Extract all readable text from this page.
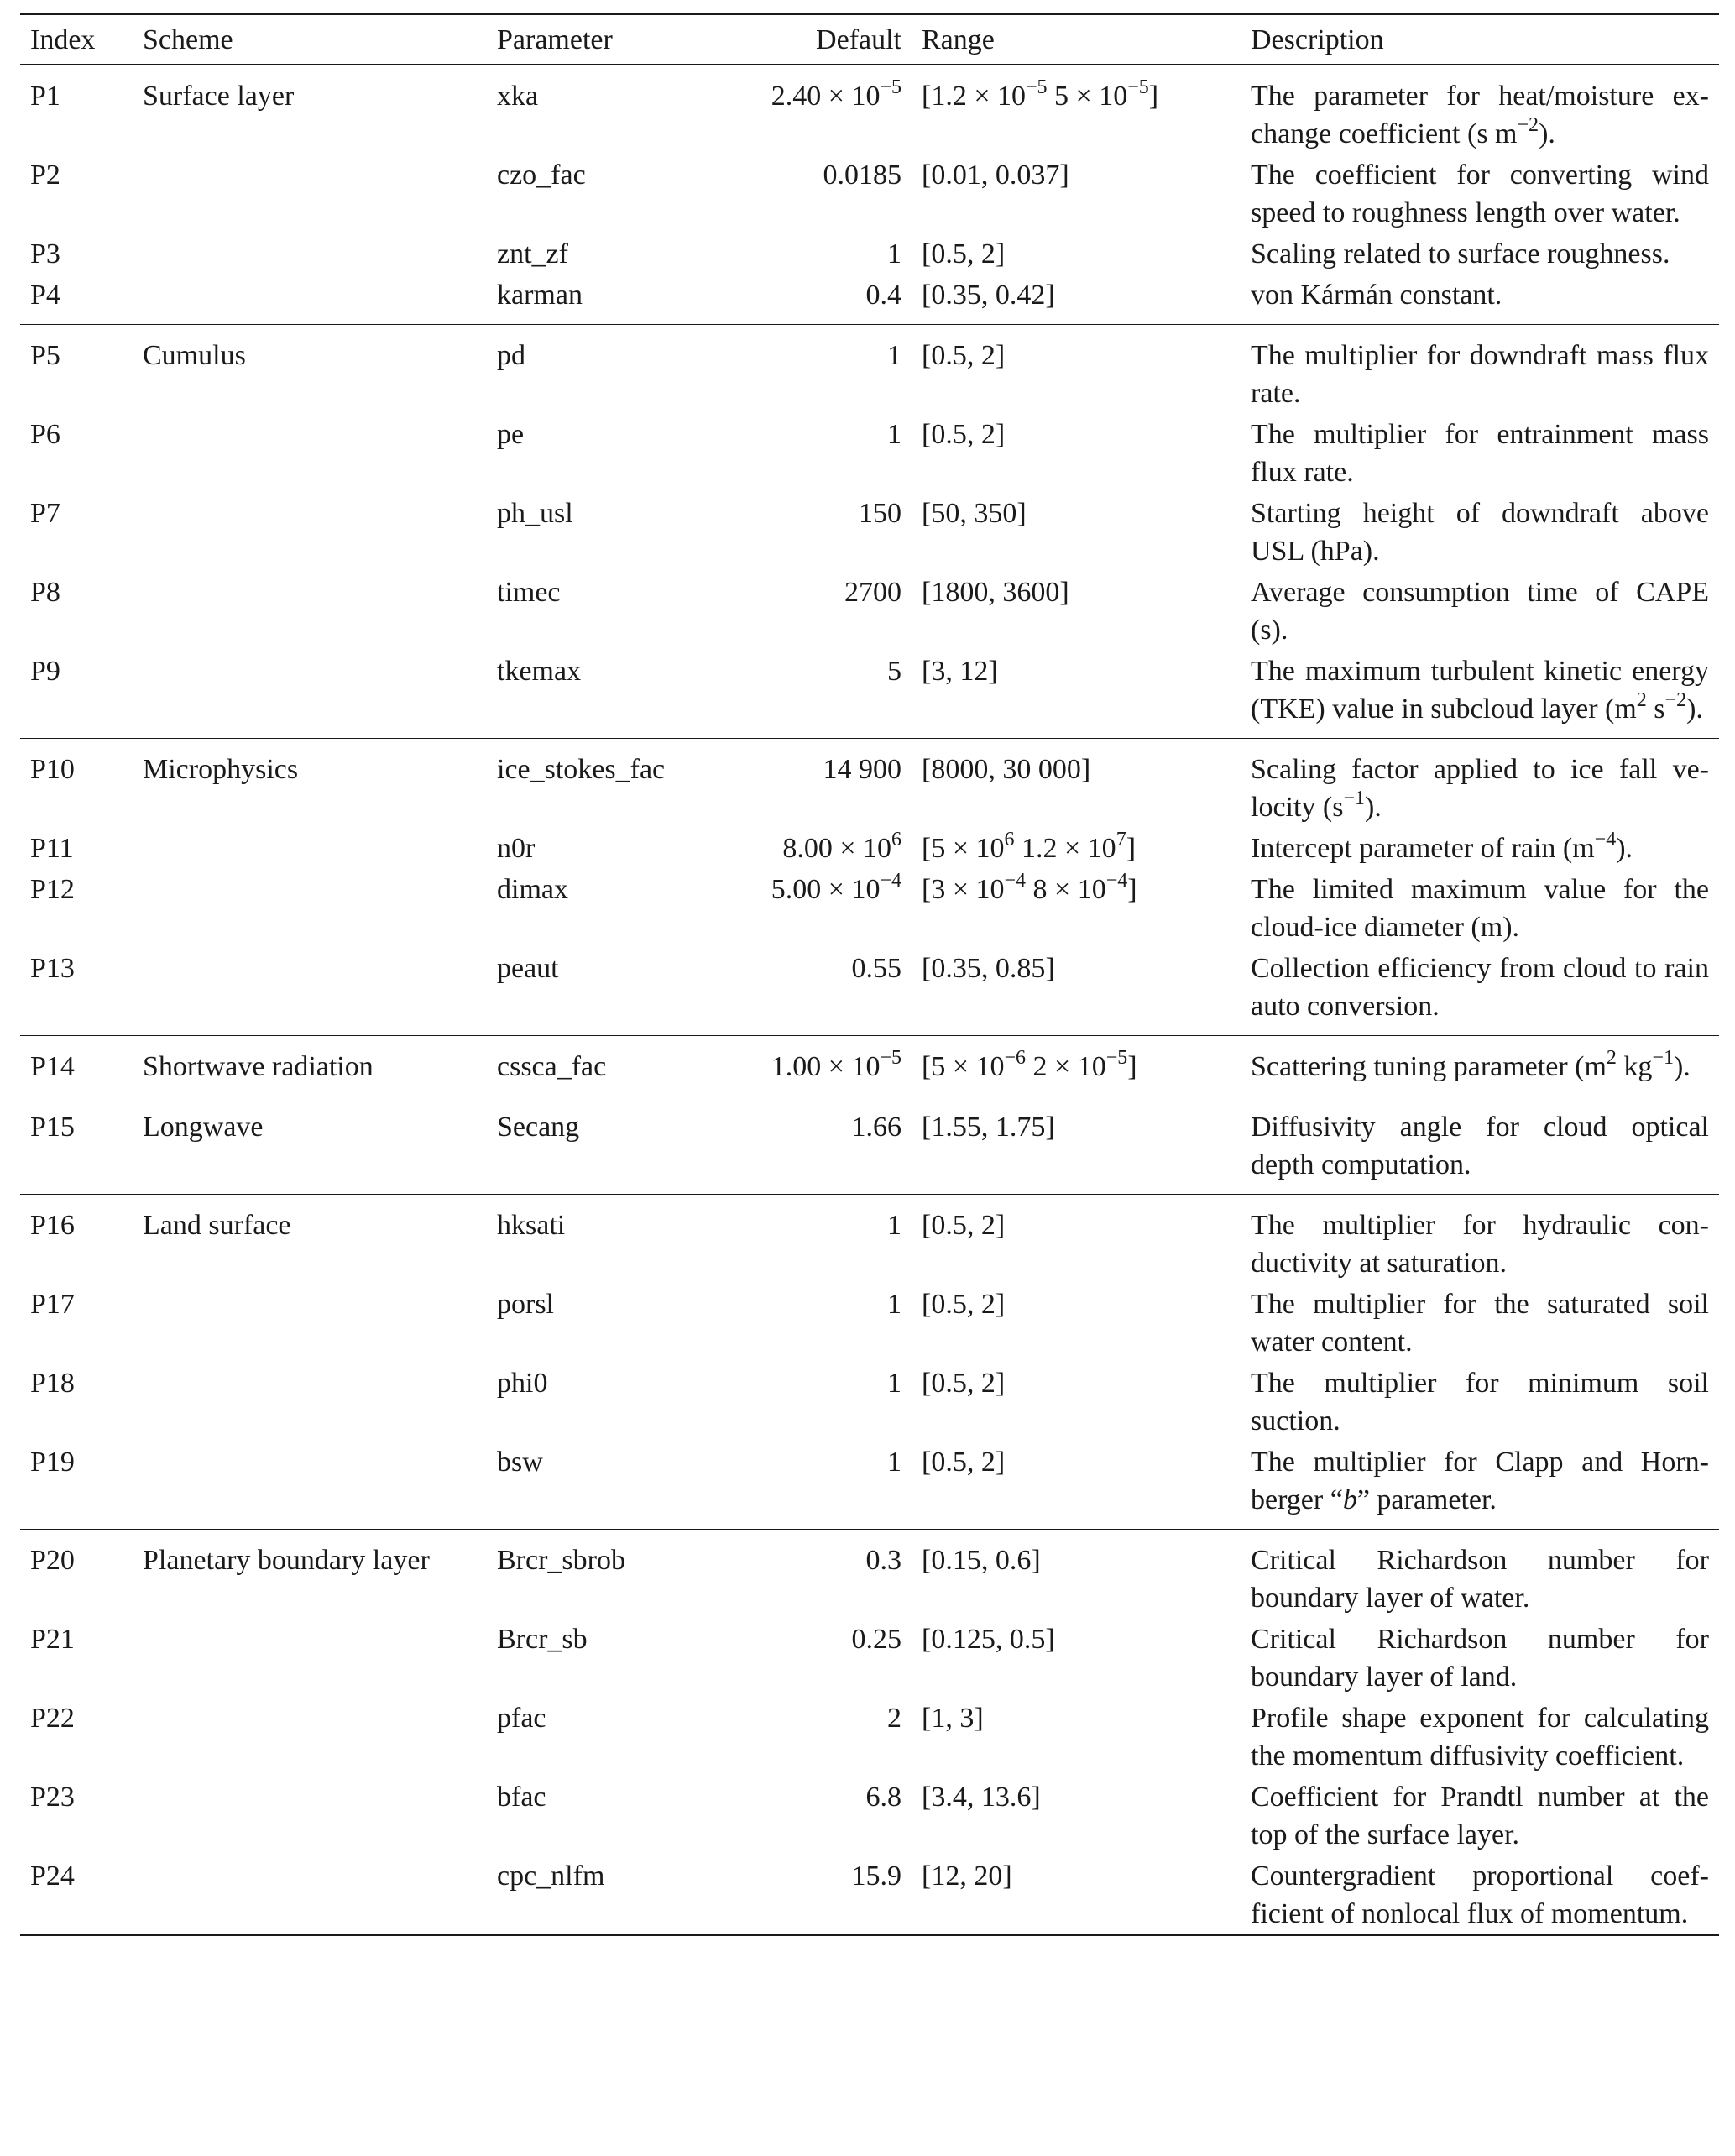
Index	Scheme	Parameter	Default	Range	Description
P1	Surface layer	xka	$2.40 \times 10^{-5}$	[$1.2 \times 10^{-5}$ $5 \times 10^{-5}$]	The parameter for heat/moisture exchange coefficient (s $m^{-2}$).
P2		czo_fac	0.0185	[0.01, 0.037]	The coefficient for converting wind speed to roughness length over water.
P3		znt_zf	1	[0.5, 2]	Scaling related to surface roughness.
P4		karman	0.4	[0.35, 0.42]	von Kármán constant.
P5	Cumulus	pd	1	[0.5, 2]	The multiplier for downdraft mass flux rate.
P6		pe	1	[0.5, 2]	The multiplier for entrainment mass flux rate.
P7		ph_usl	150	[50, 350]	Starting height of downdraft above USL (hPa).
P8		timec	2700	[1800, 3600]	Average consumption time of CAPE (s).
P9		tkemax	5	[3, 12]	The maximum turbulent kinetic energy (TKE) value in subcloud layer ($m^2$ $s^{-2}$).
P10	Microphysics	ice_stokes_fac	14 900	[8000, 30 000]	Scaling factor applied to ice fall velocity $(s^{-1})$.
P11		n0r	$8.00 \times 10^6$	[$5 \times 10^6$ $1.2 \times 10^7$]	Intercept parameter of rain $(m^{-4})$.
P12		dimax	$5.00 \times 10^{-4}$	[$3 \times 10^{-4}$ $8 \times 10^{-4}$]	The limited maximum value for the cloud-ice diameter (m).
P13		peaut	0.55	[0.35, 0.85]	Collection efficiency from cloud to rain auto conversion.
P14	Shortwave radiation	cssca_fac	$1.00 \times 10^{-5}$	[$5 \times 10^{-6}$ $2 \times 10^{-5}$]	Scattering tuning parameter ($m^2$ $kg^{-1}$).
P15	Longwave	Secang	1.66	[1.55, 1.75]	Diffusivity angle for cloud optical depth computation.
P16	Land surface	hksati	1	[0.5, 2]	The multiplier for hydraulic conductivity at saturation.
P17		porsl	1	[0.5, 2]	The multiplier for the saturated soil water content.
P18		phi0	1	[0.5, 2]	The multiplier for minimum soil suction.
P19		bsw	1	[0.5, 2]	The multiplier for Clapp and Hornberger “b” parameter.
P20	Planetary boundary layer	Brcr_sbrob	0.3	[0.15, 0.6]	Critical Richardson number for boundary layer of water.
P21		Brcr_sb	0.25	[0.125, 0.5]	Critical Richardson number for boundary layer of land.
P22		pfac	2	[1, 3]	Profile shape exponent for calculating the momentum diffusivity coefficient.
P23		bfac	6.8	[3.4, 13.6]	Coefficient for Prandtl number at the top of the surface layer.
P24		cpc_nlfm	15.9	[12, 20]	Countergradient proportional coefficient of nonlocal flux of momentum.
